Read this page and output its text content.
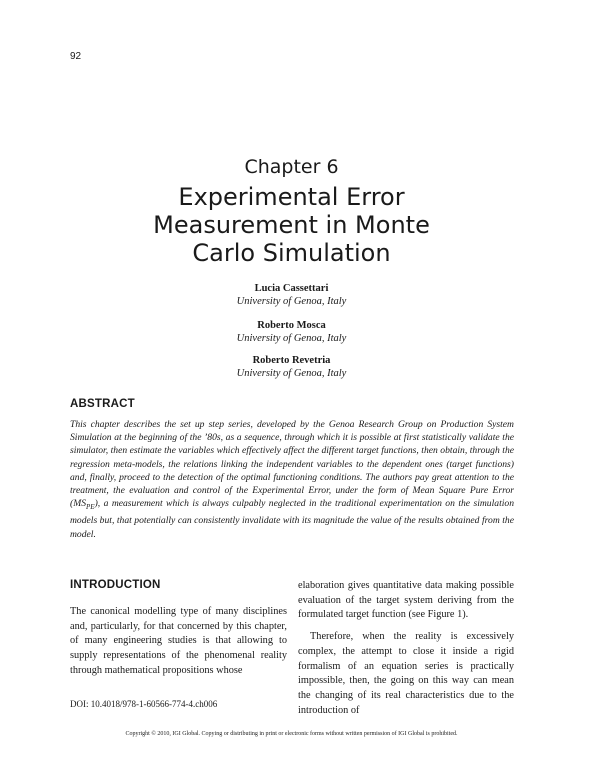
92
Chapter 6
Experimental Error
Measurement in Monte
Carlo Simulation
Lucia Cassettari
University of Genoa, Italy
Roberto Mosca
University of Genoa, Italy
Roberto Revetria
University of Genoa, Italy
ABSTRACT
This chapter describes the set up step series, developed by the Genoa Research Group on Production System Simulation at the beginning of the ’80s, as a sequence, through which it is possible at first statistically validate the simulator, then estimate the variables which effectively affect the different target functions, then obtain, through the regression meta-models, the relations linking the independent variables to the dependent ones (target functions) and, finally, proceed to the detection of the optimal functioning conditions. The authors pay great attention to the treatment, the evaluation and control of the Experimental Error, under the form of Mean Square Pure Error $(MS_{PE})$, a measurement which is always culpably neglected in the traditional experimentation on the simulation models but, that potentially can consistently invalidate with its magnitude the value of the results obtained from the model.
INTRODUCTION

The canonical modelling type of many disciplines and, particularly, for that concerned by this chapter, of many engineering studies is that allowing to supply representations of the phenomenal reality through mathematical propositions whose

elaboration gives quantitative data making possible evaluation of the target system deriving from the formulated target function (see Figure 1).

Therefore, when the reality is excessively complex, the attempt to close it inside a rigid formalism of an equation series is practically impossible, then, the going on this way can mean the changing of its real characteristics due to the introduction of

DOI: 10.4018/978-1-60566-774-4.ch006
Copyright © 2010, IGI Global. Copying or distributing in print or electronic forms without written permission of IGI Global is prohibited.
